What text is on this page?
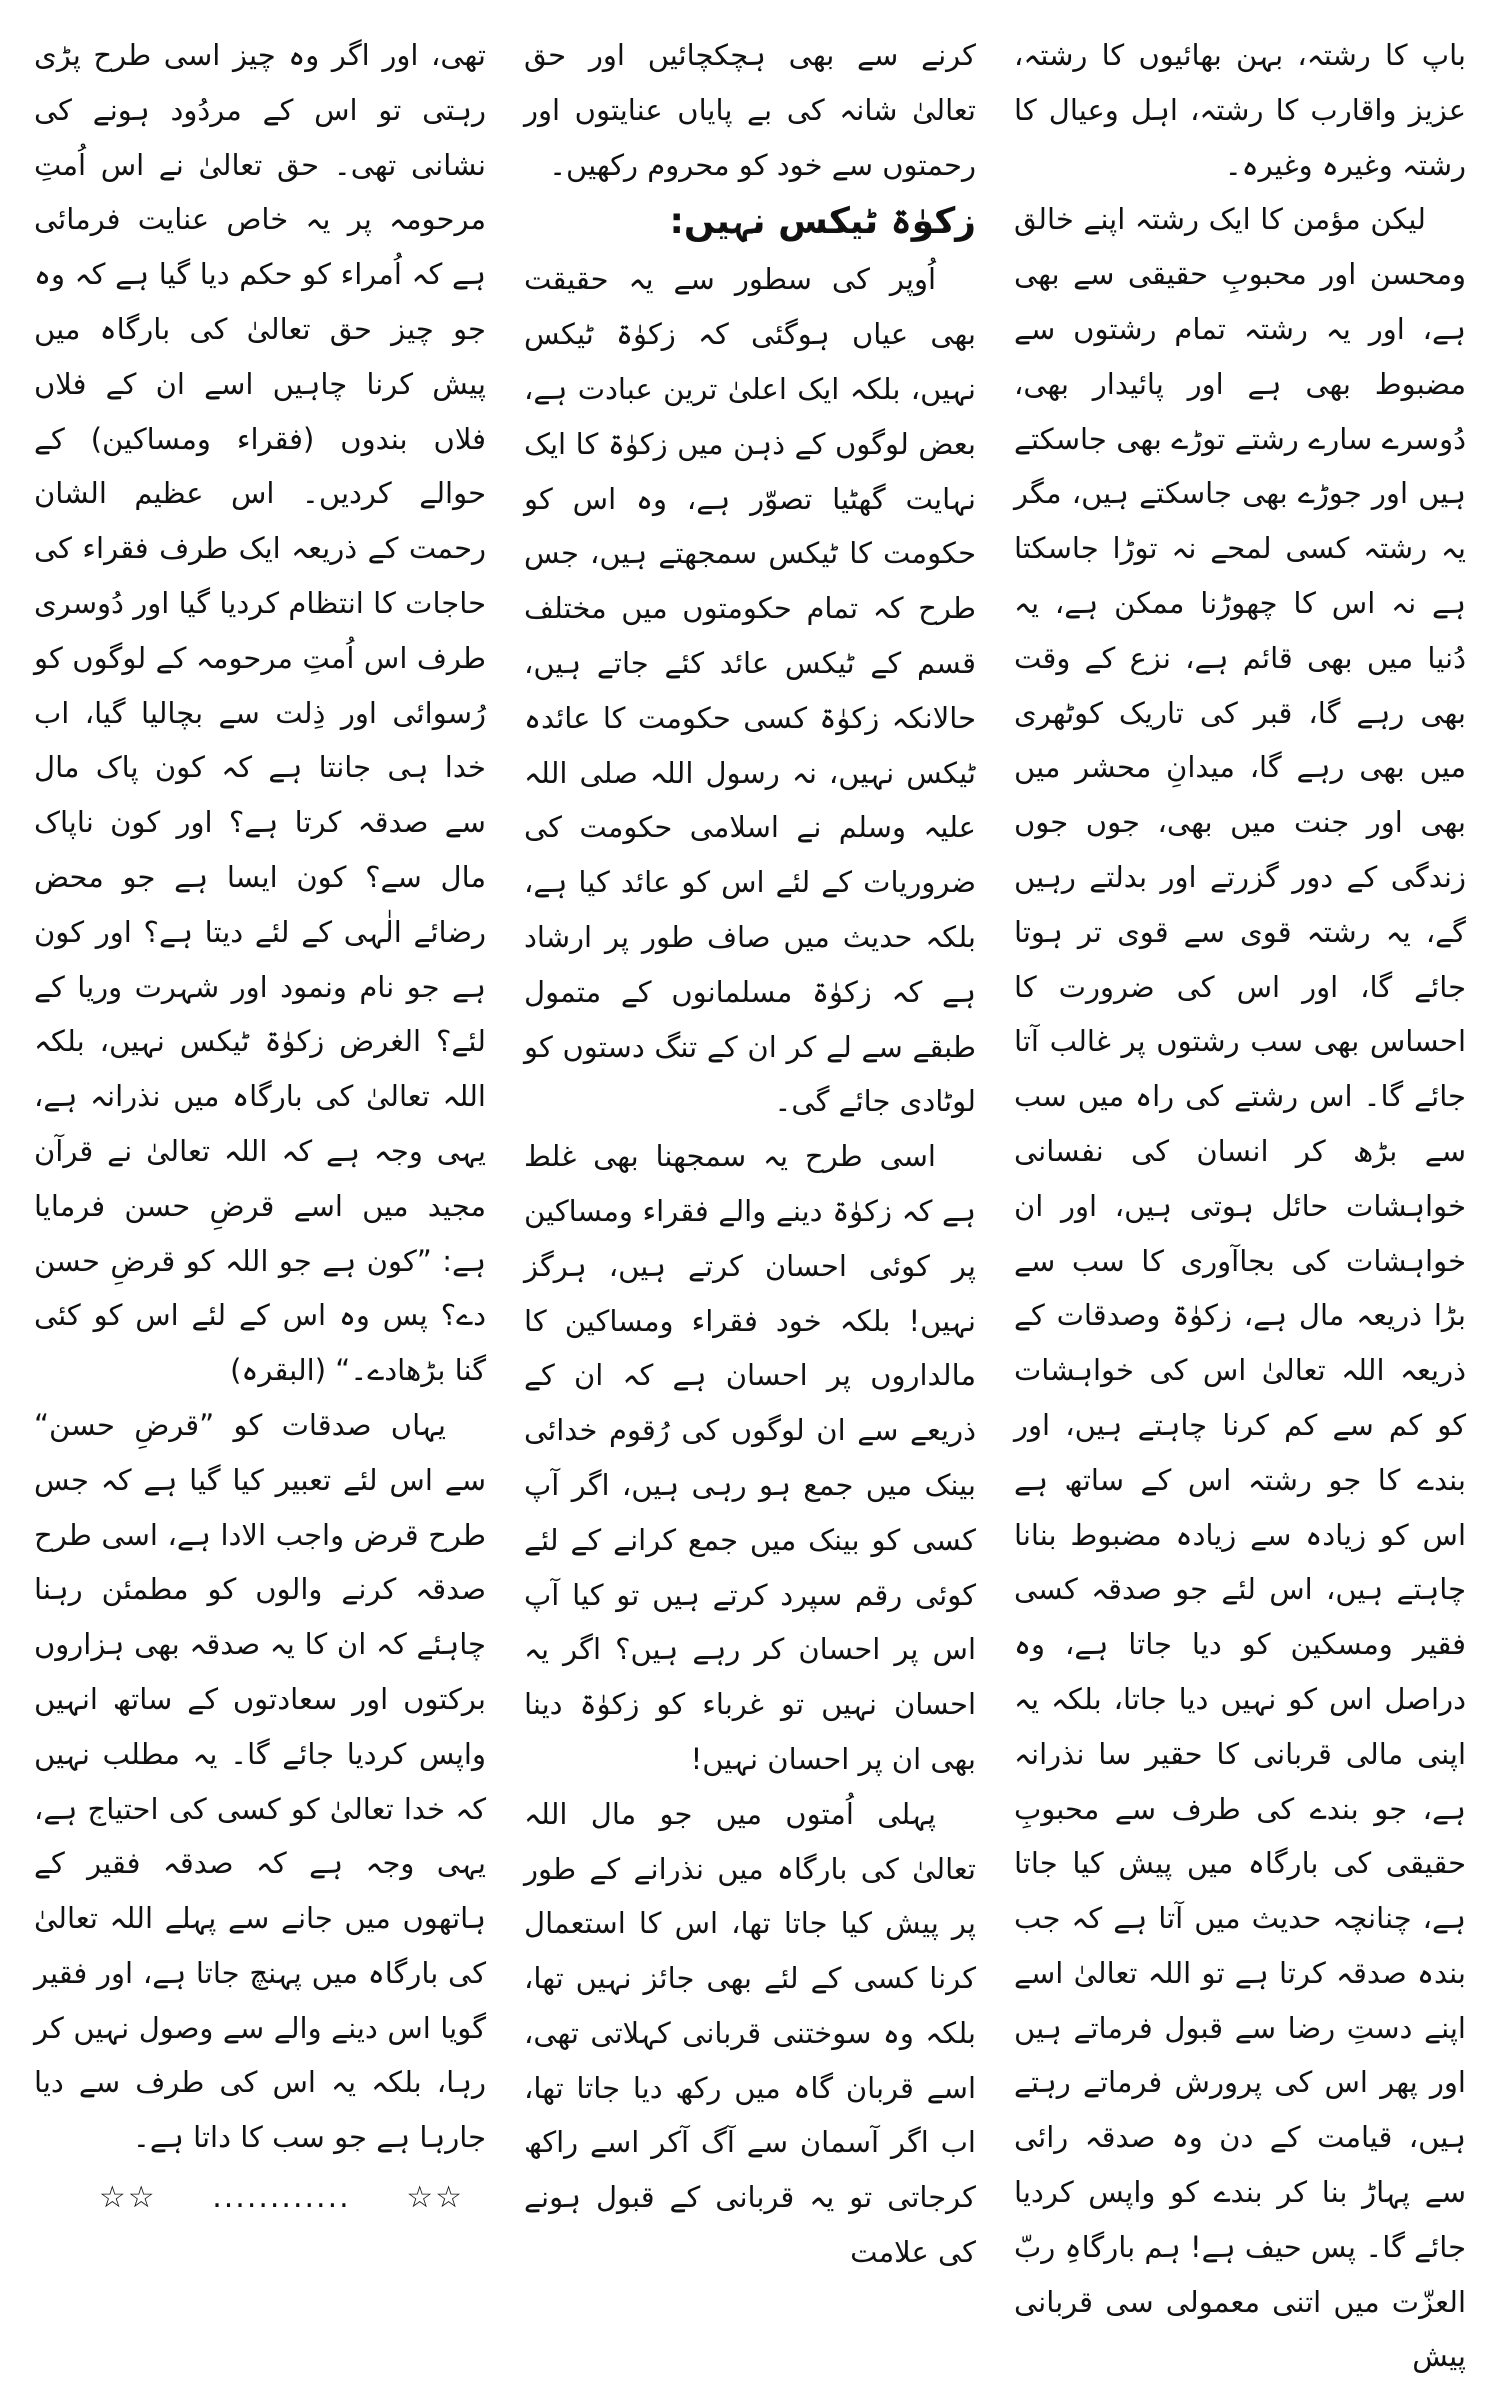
باپ کا رشتہ، بہن بھائیوں کا رشتہ، عزیز واقارب کا رشتہ، اہل وعیال کا رشتہ وغیرہ وغیرہ۔

لیکن مؤمن کا ایک رشتہ اپنے خالق ومحسن اور محبوبِ حقیقی سے بھی ہے، اور یہ رشتہ تمام رشتوں سے مضبوط بھی ہے اور پائیدار بھی، دُوسرے سارے رشتے توڑے بھی جاسکتے ہیں اور جوڑے بھی جاسکتے ہیں، مگر یہ رشتہ کسی لمحے نہ توڑا جاسکتا ہے نہ اس کا چھوڑنا ممکن ہے، یہ دُنیا میں بھی قائم ہے، نزع کے وقت بھی رہے گا، قبر کی تاریک کوٹھری میں بھی رہے گا، میدانِ محشر میں بھی اور جنت میں بھی، جوں جوں زندگی کے دور گزرتے اور بدلتے رہیں گے، یہ رشتہ قوی سے قوی تر ہوتا جائے گا، اور اس کی ضرورت کا احساس بھی سب رشتوں پر غالب آتا جائے گا۔ اس رشتے کی راہ میں سب سے بڑھ کر انسان کی نفسانی خواہشات حائل ہوتی ہیں، اور ان خواہشات کی بجاآوری کا سب سے بڑا ذریعہ مال ہے، زکوٰۃ وصدقات کے ذریعہ اللہ تعالیٰ اس کی خواہشات کو کم سے کم کرنا چاہتے ہیں، اور بندے کا جو رشتہ اس کے ساتھ ہے اس کو زیادہ سے زیادہ مضبوط بنانا چاہتے ہیں، اس لئے جو صدقہ کسی فقیر ومسکین کو دیا جاتا ہے، وہ دراصل اس کو نہیں دیا جاتا، بلکہ یہ اپنی مالی قربانی کا حقیر سا نذرانہ ہے، جو بندے کی طرف سے محبوبِ حقیقی کی بارگاہ میں پیش کیا جاتا ہے، چنانچہ حدیث میں آتا ہے کہ جب بندہ صدقہ کرتا ہے تو اللہ تعالیٰ اسے اپنے دستِ رضا سے قبول فرماتے ہیں اور پھر اس کی پرورش فرماتے رہتے ہیں، قیامت کے دن وہ صدقہ رائی سے پہاڑ بنا کر بندے کو واپس کردیا جائے گا۔ پس حیف ہے! ہم بارگاہِ ربّ العزّت میں اتنی معمولی سی قربانی پیش

کرنے سے بھی ہچکچائیں اور حق تعالیٰ شانہ کی بے پایاں عنایتوں اور رحمتوں سے خود کو محروم رکھیں۔

زکوٰۃ ٹیکس نہیں:

اُوپر کی سطور سے یہ حقیقت بھی عیاں ہوگئی کہ زکوٰۃ ٹیکس نہیں، بلکہ ایک اعلیٰ ترین عبادت ہے، بعض لوگوں کے ذہن میں زکوٰۃ کا ایک نہایت گھٹیا تصوّر ہے، وہ اس کو حکومت کا ٹیکس سمجھتے ہیں، جس طرح کہ تمام حکومتوں میں مختلف قسم کے ٹیکس عائد کئے جاتے ہیں، حالانکہ زکوٰۃ کسی حکومت کا عائدہ ٹیکس نہیں، نہ رسول اللہ صلی اللہ علیہ وسلم نے اسلامی حکومت کی ضروریات کے لئے اس کو عائد کیا ہے، بلکہ حدیث میں صاف طور پر ارشاد ہے کہ زکوٰۃ مسلمانوں کے متمول طبقے سے لے کر ان کے تنگ دستوں کو لوٹادی جائے گی۔

اسی طرح یہ سمجھنا بھی غلط ہے کہ زکوٰۃ دینے والے فقراء ومساکین پر کوئی احسان کرتے ہیں، ہرگز نہیں! بلکہ خود فقراء ومساکین کا مالداروں پر احسان ہے کہ ان کے ذریعے سے ان لوگوں کی رُقوم خدائی بینک میں جمع ہو رہی ہیں، اگر آپ کسی کو بینک میں جمع کرانے کے لئے کوئی رقم سپرد کرتے ہیں تو کیا آپ اس پر احسان کر رہے ہیں؟ اگر یہ احسان نہیں تو غرباء کو زکوٰۃ دینا بھی ان پر احسان نہیں!

پہلی اُمتوں میں جو مال اللہ تعالیٰ کی بارگاہ میں نذرانے کے طور پر پیش کیا جاتا تھا، اس کا استعمال کرنا کسی کے لئے بھی جائز نہیں تھا، بلکہ وہ سوختنی قربانی کہلاتی تھی، اسے قربان گاہ میں رکھ دیا جاتا تھا، اب اگر آسمان سے آگ آکر اسے راکھ کرجاتی تو یہ قربانی کے قبول ہونے کی علامت

تھی، اور اگر وہ چیز اسی طرح پڑی رہتی تو اس کے مردُود ہونے کی نشانی تھی۔ حق تعالیٰ نے اس اُمتِ مرحومہ پر یہ خاص عنایت فرمائی ہے کہ اُمراء کو حکم دیا گیا ہے کہ وہ جو چیز حق تعالیٰ کی بارگاہ میں پیش کرنا چاہیں اسے ان کے فلاں فلاں بندوں (فقراء ومساکین) کے حوالے کردیں۔ اس عظیم الشان رحمت کے ذریعہ ایک طرف فقراء کی حاجات کا انتظام کردیا گیا اور دُوسری طرف اس اُمتِ مرحومہ کے لوگوں کو رُسوائی اور ذِلت سے بچالیا گیا، اب خدا ہی جانتا ہے کہ کون پاک مال سے صدقہ کرتا ہے؟ اور کون ناپاک مال سے؟ کون ایسا ہے جو محض رضائے الٰہی کے لئے دیتا ہے؟ اور کون ہے جو نام ونمود اور شہرت وریا کے لئے؟ الغرض زکوٰۃ ٹیکس نہیں، بلکہ اللہ تعالیٰ کی بارگاہ میں نذرانہ ہے، یہی وجہ ہے کہ اللہ تعالیٰ نے قرآن مجید میں اسے قرضِ حسن فرمایا ہے: ”کون ہے جو اللہ کو قرضِ حسن دے؟ پس وہ اس کے لئے اس کو کئی گنا بڑھادے۔“ (البقرہ)

یہاں صدقات کو ”قرضِ حسن“ سے اس لئے تعبیر کیا گیا ہے کہ جس طرح قرض واجب الادا ہے، اسی طرح صدقہ کرنے والوں کو مطمئن رہنا چاہئے کہ ان کا یہ صدقہ بھی ہزاروں برکتوں اور سعادتوں کے ساتھ انہیں واپس کردیا جائے گا۔ یہ مطلب نہیں کہ خدا تعالیٰ کو کسی کی احتیاج ہے، یہی وجہ ہے کہ صدقہ فقیر کے ہاتھوں میں جانے سے پہلے اللہ تعالیٰ کی بارگاہ میں پہنچ جاتا ہے، اور فقیر گویا اس دینے والے سے وصول نہیں کر رہا، بلکہ یہ اس کی طرف سے دیا جارہا ہے جو سب کا داتا ہے۔

☆☆ ............ ☆☆
